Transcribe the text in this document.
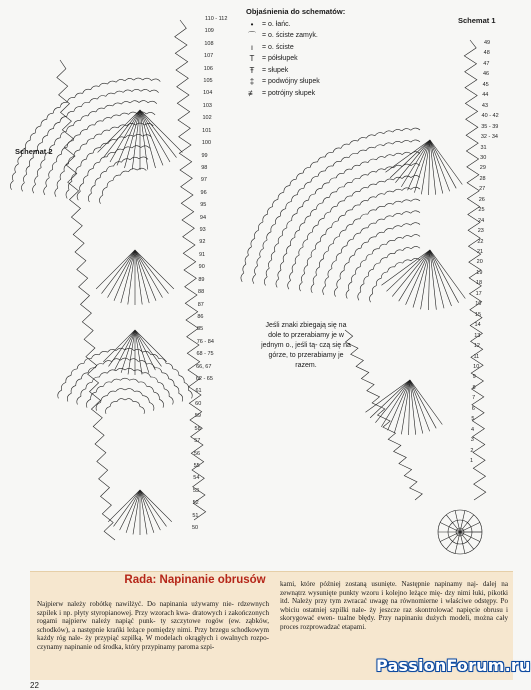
Objaśnienia do schematów:
•	= o. łańc.
⌒ = o. ściste zamyk.
ı	= o. ściste
T	= półsłupek
Ŧ	= słupek
‡	= podwójny słupek
≢ = potrójny słupek
Schemat 1
Schemat 2
Jeśli znaki zbiegają się na dole to przerabiamy je w jednym o., jeśli tą- czą się na górze, to przerabiamy je razem.
49
48
47
46
45
44
43
40 - 42
35 - 39
32 - 34
31
30
29
28
27
26
25
24
23
22
21
20
19
18
17
16
15
14
13
12
11
10
9
8
7
6
5
4
3
2
1
110 - 112
109
108
107
106
105
104
103
102
101
100
99
98
97
96
95
94
93
92
91
90
89
88
87
86
85
76 - 84
68 - 75
66, 67
62 - 65
61
60
59
58
57
56
55
54
53
52
51
50
Rada: Napinanie obrusów
Najpierw należy robótkę nawilżyć. Do napinania używamy nie- rdzewnych szpilek i np. płyty styropianowej. Przy wzorach kwa- dratowych i zakończonych rogami najpierw należy napiąć punk- ty szczytowe rogów (ew. ząbków, schodków), a następnie krańki leżące pomiędzy nimi. Przy brzegu schodkowym każdy róg nale- ży przypiąć szpilką. W modelach okrągłych i owalnych rozpo- czynamy napinanie od środka, który przypinamy paroma szpi-
kami, które później zostaną usunięte. Następnie napinamy naj- dalej na zewnątrz wysunięte punkty wzoru i kolejno leżące mię- dzy nimi łuki, pikotki itd. Należy przy tym zwracać uwagę na równomierne i właściwe odstępy. Po wbiciu ostatniej szpilki nale- ży jeszcze raz skontrolować napięcie obrusu i skorygować ewen- tualne błędy. Przy napinaniu dużych modeli, można cały proces rozprowadzać etapami.
22
PassionForum.ru
